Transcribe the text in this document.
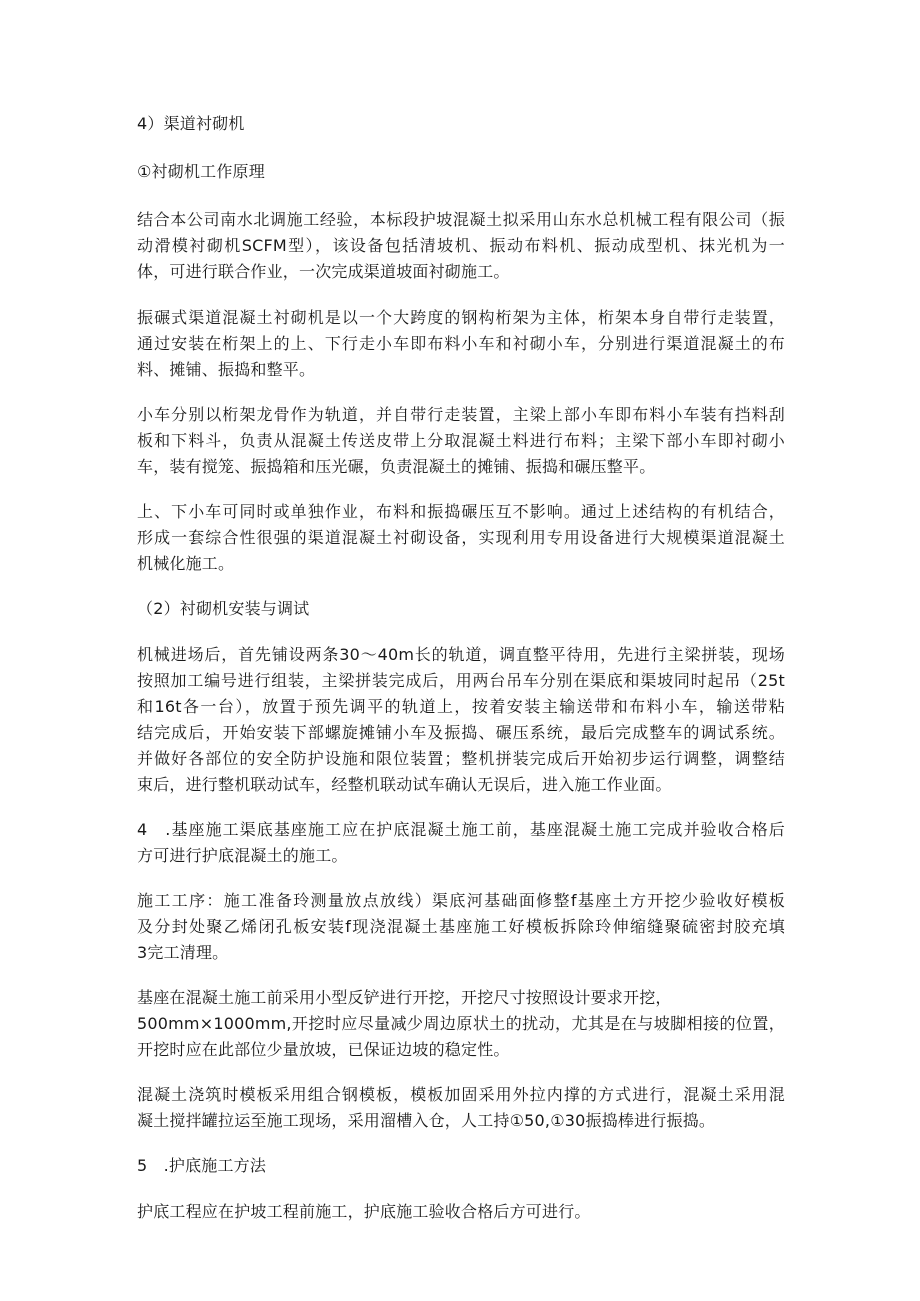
4）渠道衬砌机
①衬砌机工作原理
结合本公司南水北调施工经验，本标段护坡混凝土拟采用山东水总机械工程有限公司（振
动滑模衬砌机SCFM型），该设备包括清坡机、振动布料机、振动成型机、抹光机为一
体，可进行联合作业，一次完成渠道坡面衬砌施工。
振碾式渠道混凝土衬砌机是以一个大跨度的钢构桁架为主体，桁架本身自带行走装置，
通过安装在桁架上的上、下行走小车即布料小车和衬砌小车，分别进行渠道混凝土的布
料、摊铺、振捣和整平。
小车分别以桁架龙骨作为轨道，并自带行走装置，主梁上部小车即布料小车装有挡料刮
板和下料斗，负责从混凝土传送皮带上分取混凝土料进行布料；主梁下部小车即衬砌小
车，装有搅笼、振捣箱和压光碾，负责混凝土的摊铺、振捣和碾压整平。
上、下小车可同时或单独作业，布料和振捣碾压互不影响。通过上述结构的有机结合，
形成一套综合性很强的渠道混凝土衬砌设备，实现利用专用设备进行大规模渠道混凝土
机械化施工。
（2）衬砌机安装与调试
机械进场后，首先铺设两条30～40m长的轨道，调直整平待用，先进行主梁拼装，现场
按照加工编号进行组装，主梁拼装完成后，用两台吊车分别在渠底和渠坡同时起吊（25t
和16t各一台），放置于预先调平的轨道上，按着安装主输送带和布料小车，输送带粘
结完成后，开始安装下部螺旋摊铺小车及振捣、碾压系统，最后完成整车的调试系统。
并做好各部位的安全防护设施和限位装置；整机拼装完成后开始初步运行调整，调整结
束后，进行整机联动试车，经整机联动试车确认无误后，进入施工作业面。
4　.基座施工渠底基座施工应在护底混凝土施工前，基座混凝土施工完成并验收合格后
方可进行护底混凝土的施工。
施工工序：施工准备玲测量放点放线）渠底河基础面修整f基座土方开挖少验收好模板
及分封处聚乙烯闭孔板安装f现浇混凝土基座施工好模板拆除玲伸缩缝聚硫密封胶充填
3完工清理。
基座在混凝土施工前采用小型反铲进行开挖，开挖尺寸按照设计要求开挖，
500mm×1000mm,开挖时应尽量减少周边原状土的扰动，尤其是在与坡脚相接的位置，
开挖时应在此部位少量放坡，已保证边坡的稳定性。
混凝土浇筑时模板采用组合钢模板，模板加固采用外拉内撑的方式进行，混凝土采用混
凝土搅拌罐拉运至施工现场，采用溜槽入仓，人工持①50,①30振捣棒进行振捣。
5　.护底施工方法
护底工程应在护坡工程前施工，护底施工验收合格后方可进行。
